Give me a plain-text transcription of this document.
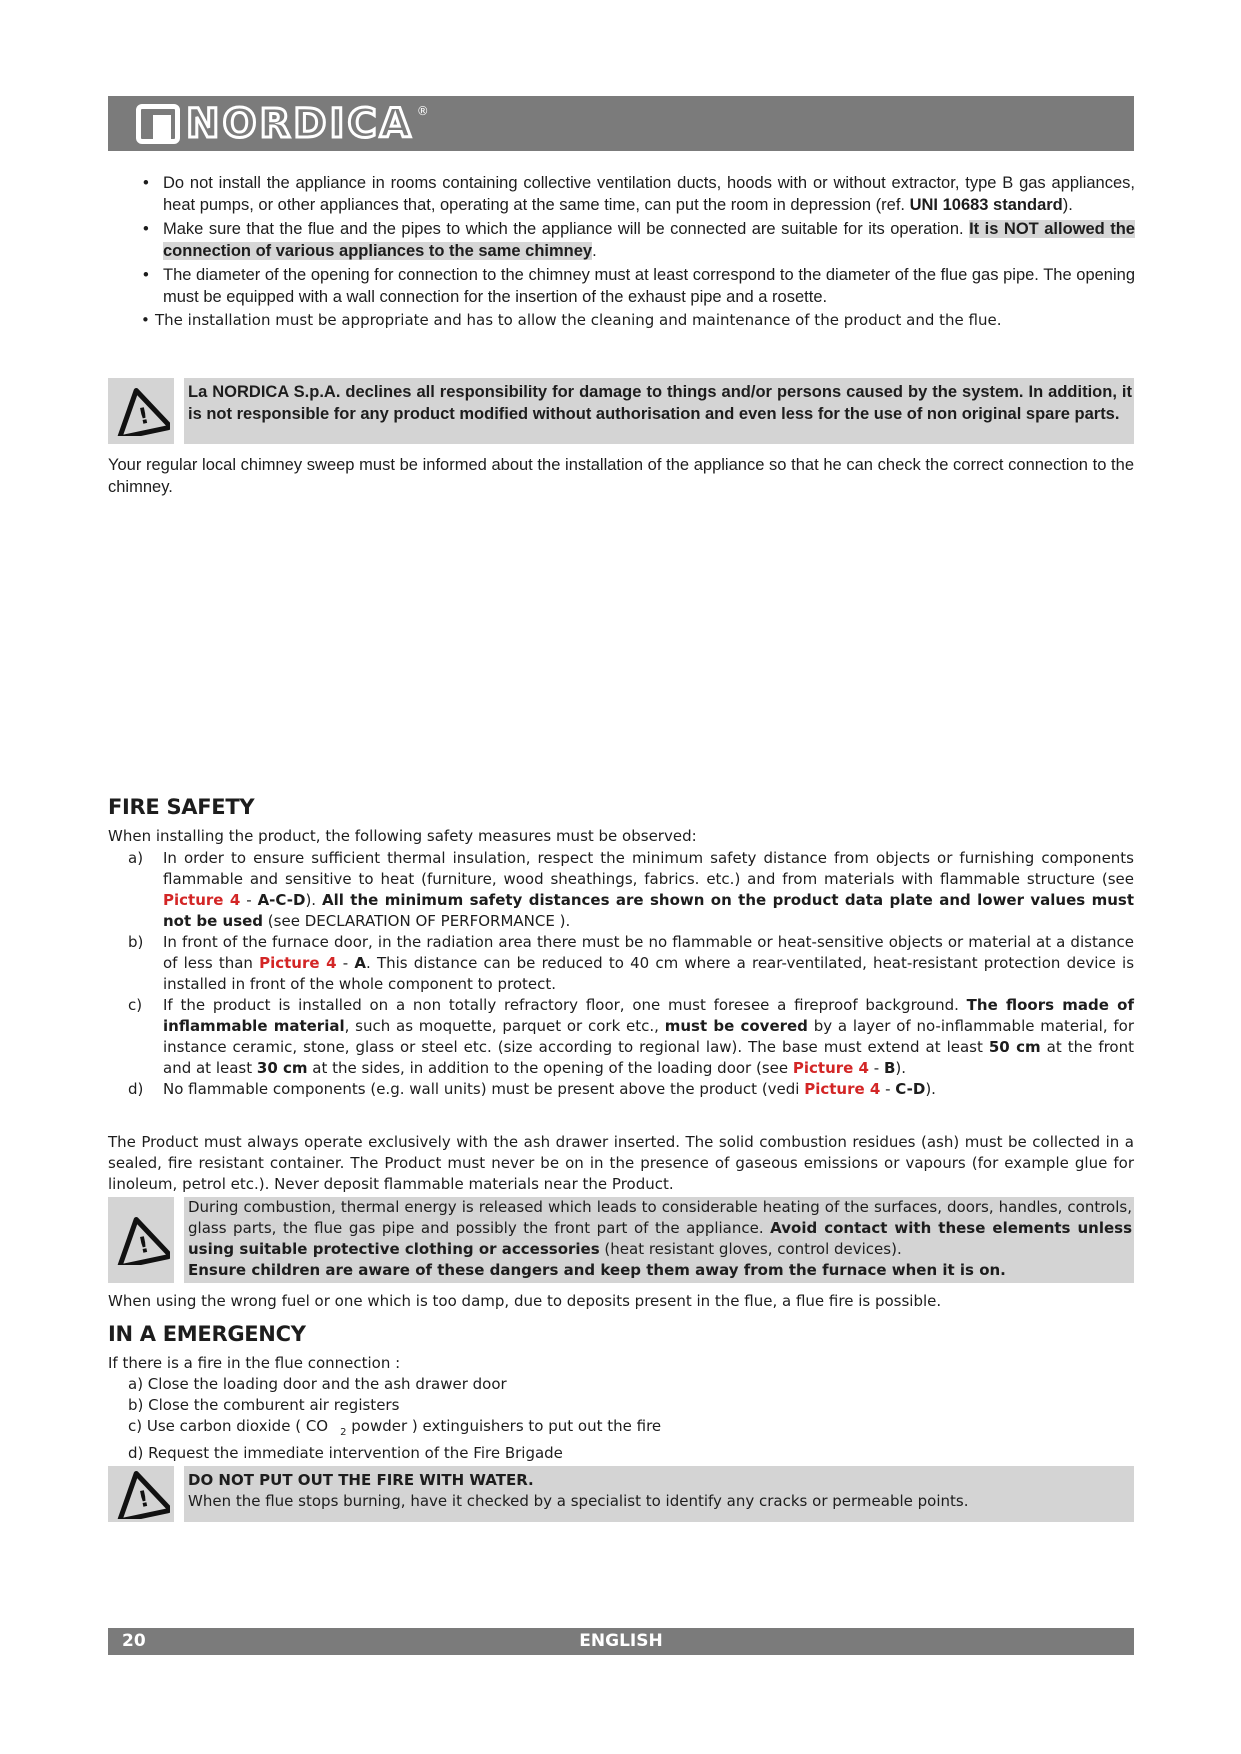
NORDICA ®
• Do not install the appliance in rooms containing collective ventilation ducts, hoods with or without extractor, type B gas appliances, heat pumps, or other appliances that, operating at the same time, can put the room in depression (ref. UNI 10683 standard).
• Make sure that the flue and the pipes to which the appliance will be connected are suitable for its operation. It is NOT allowed the connection of various appliances to the same chimney.
• The diameter of the opening for connection to the chimney must at least correspond to the diameter of the flue gas pipe. The opening must be equipped with a wall connection for the insertion of the exhaust pipe and a rosette.
• The installation must be appropriate and has to allow the cleaning and maintenance of the product and the flue.
!
La NORDICA S.p.A. declines all responsibility for damage to things and/or persons caused by the system. In addition, it is not responsible for any product modified without authorisation and even less for the use of non original spare parts.
Your regular local chimney sweep must be informed about the installation of the appliance so that he can check the correct connection to the chimney.
FIRE SAFETY
When installing the product, the following safety measures must be observed:
a) In order to ensure sufficient thermal insulation, respect the minimum safety distance from objects or furnishing components flammable and sensitive to heat (furniture, wood sheathings, fabrics. etc.) and from materials with flammable structure (see Picture 4 - A-C-D). All the minimum safety distances are shown on the product data plate and lower values must not be used (see DECLARATION OF PERFORMANCE ).
b) In front of the furnace door, in the radiation area there must be no flammable or heat-sensitive objects or material at a distance of less than Picture 4 - A. This distance can be reduced to 40 cm where a rear-ventilated, heat-resistant protection device is installed in front of the whole component to protect.
c) If the product is installed on a non totally refractory floor, one must foresee a fireproof background. The floors made of inflammable material, such as moquette, parquet or cork etc., must be covered by a layer of no-inflammable material, for instance ceramic, stone, glass or steel etc. (size according to regional law). The base must extend at least 50 cm at the front and at least 30 cm at the sides, in addition to the opening of the loading door (see Picture 4 - B).
d) No flammable components (e.g. wall units) must be present above the product (vedi Picture 4 - C-D).
The Product must always operate exclusively with the ash drawer inserted. The solid combustion residues (ash) must be collected in a sealed, fire resistant container. The Product must never be on in the presence of gaseous emissions or vapours (for example glue for linoleum, petrol etc.). Never deposit flammable materials near the Product.
!
During combustion, thermal energy is released which leads to considerable heating of the surfaces, doors, handles, controls, glass parts, the flue gas pipe and possibly the front part of the appliance. Avoid contact with these elements unless using suitable protective clothing or accessories (heat resistant gloves, control devices).
Ensure children are aware of these dangers and keep them away from the furnace when it is on.
When using the wrong fuel or one which is too damp, due to deposits present in the flue, a flue fire is possible.
IN A EMERGENCY
If there is a fire in the flue connection :
a) Close the loading door and the ash drawer door
b) Close the comburent air registers
c) Use carbon dioxide ( CO $_2$ powder ) extinguishers to put out the fire
d) Request the immediate intervention of the Fire Brigade
!
DO NOT PUT OUT THE FIRE WITH WATER.
When the flue stops burning, have it checked by a specialist to identify any cracks or permeable points.
ENGLISH
20
